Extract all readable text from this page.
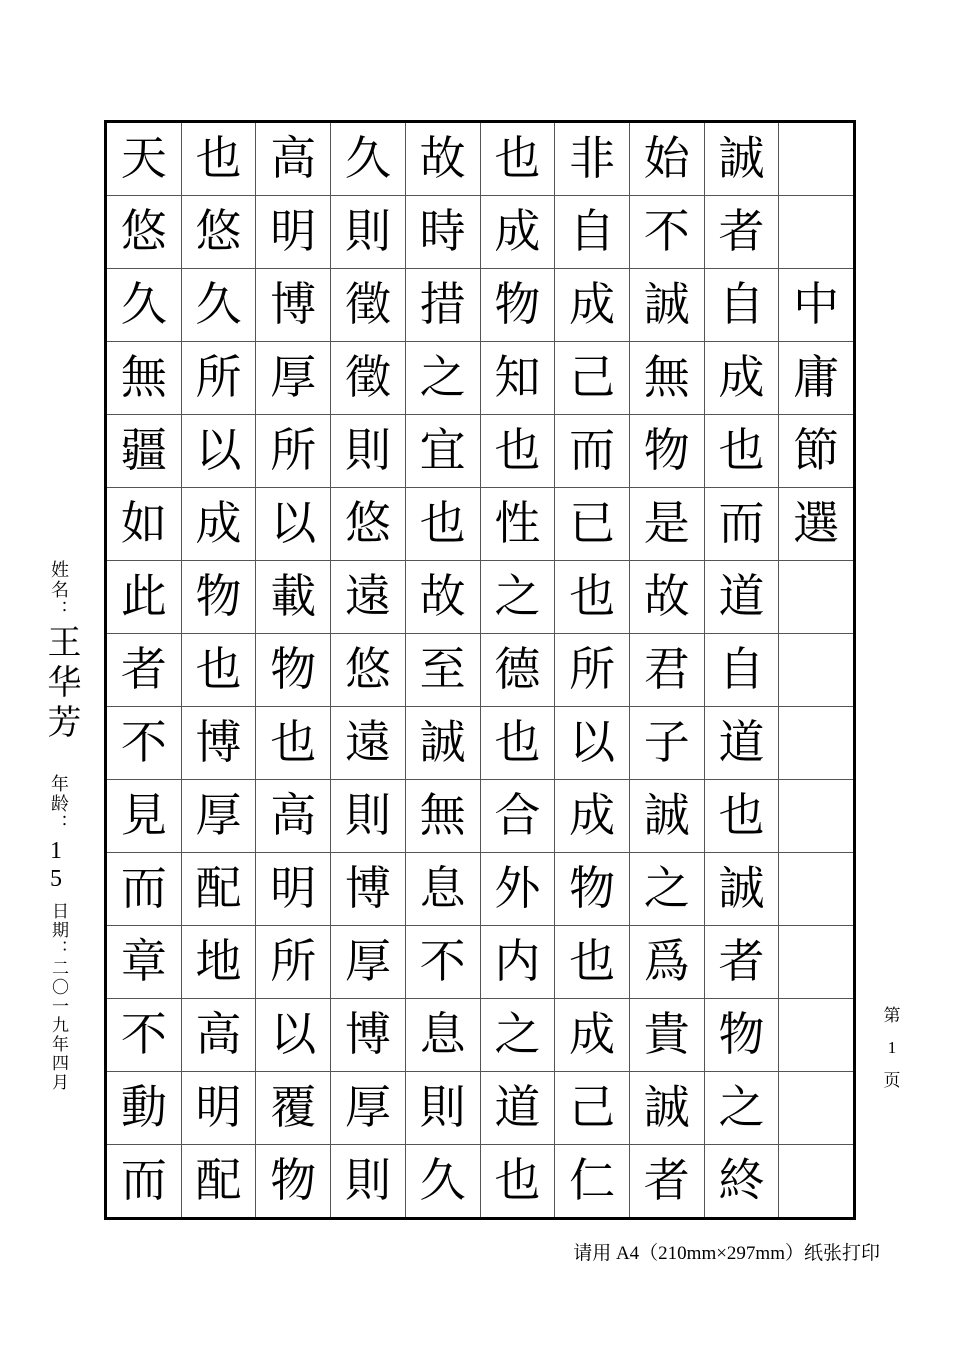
姓名：
王华芳
年龄：
15
日期：二〇一九年四月
天
悠
久
無
疆
如
此
者
不
見
而
章
不
動
而
也
悠
久
所
以
成
物
也
博
厚
配
地
高
明
配
高
明
博
厚
所
以
載
物
也
高
明
所
以
覆
物
久
則
徵
徵
則
悠
遠
悠
遠
則
博
厚
博
厚
則
故
時
措
之
宜
也
故
至
誠
無
息
不
息
則
久
也
成
物
知
也
性
之
德
也
合
外
内
之
道
也
非
自
成
己
而
已
也
所
以
成
物
也
成
己
仁
始
不
誠
無
物
是
故
君
子
誠
之
爲
貴
誠
者
誠
者
自
成
也
而
道
自
道
也
誠
者
物
之
終
中
庸
節
選
第
1
页
请用 A4（210mm×297mm）纸张打印
